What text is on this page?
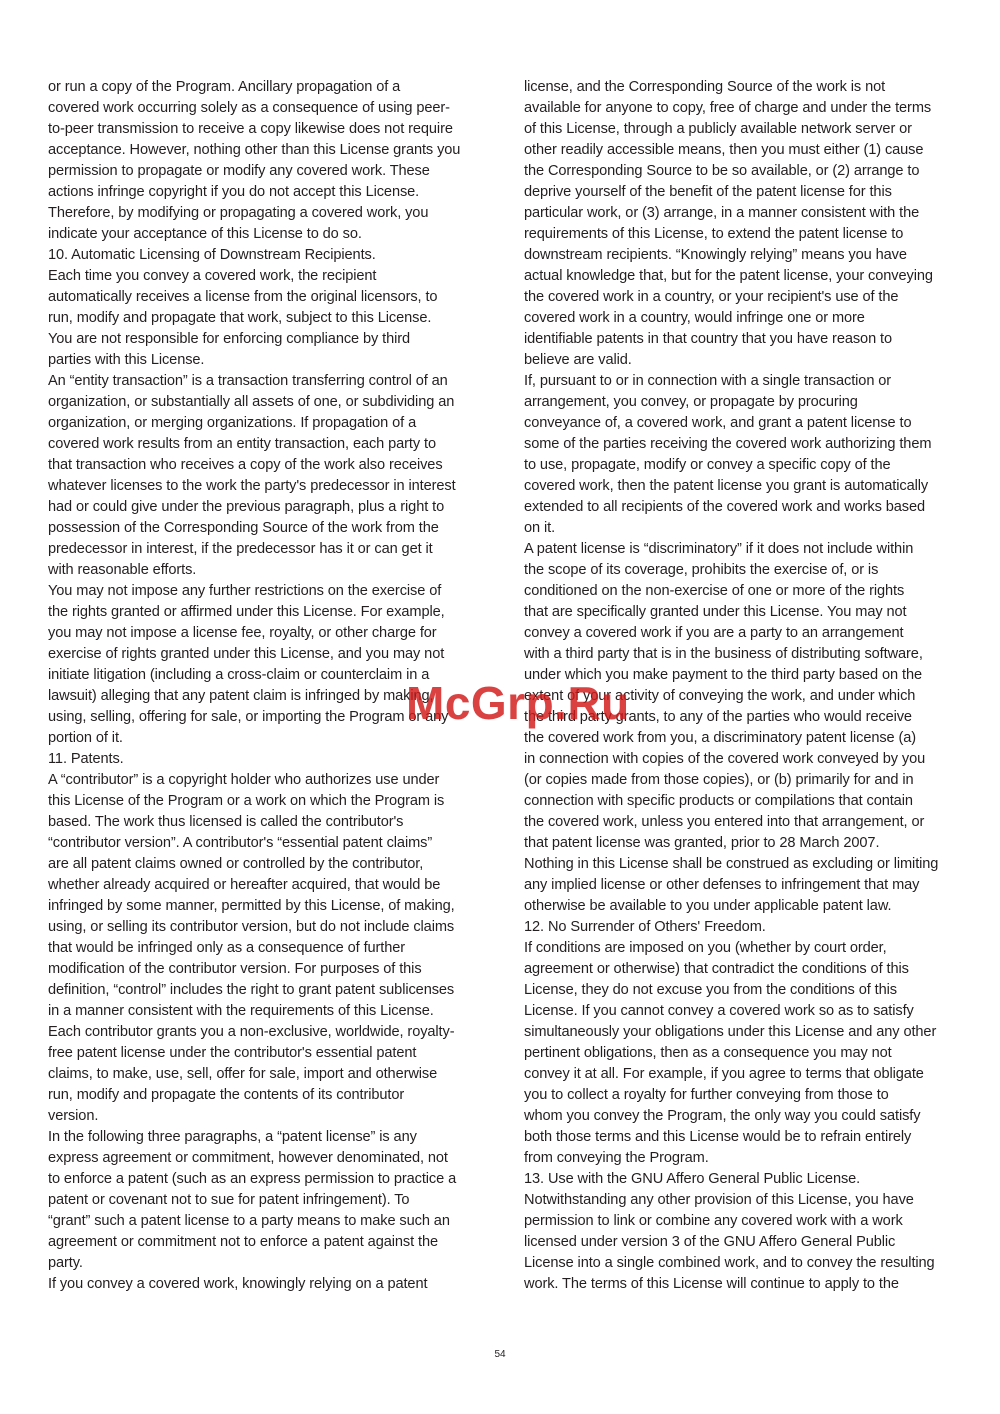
or run a copy of the Program. Ancillary propagation of a
covered work occurring solely as a consequence of using peer-
to-peer transmission to receive a copy likewise does not require
acceptance. However, nothing other than this License grants you
permission to propagate or modify any covered work. These
actions infringe copyright if you do not accept this License.
Therefore, by modifying or propagating a covered work, you
indicate your acceptance of this License to do so.
10. Automatic Licensing of Downstream Recipients.
Each time you convey a covered work, the recipient
automatically receives a license from the original licensors, to
run, modify and propagate that work, subject to this License.
You are not responsible for enforcing compliance by third
parties with this License.
An “entity transaction” is a transaction transferring control of an
organization, or substantially all assets of one, or subdividing an
organization, or merging organizations. If propagation of a
covered work results from an entity transaction, each party to
that transaction who receives a copy of the work also receives
whatever licenses to the work the party's predecessor in interest
had or could give under the previous paragraph, plus a right to
possession of the Corresponding Source of the work from the
predecessor in interest, if the predecessor has it or can get it
with reasonable efforts.
You may not impose any further restrictions on the exercise of
the rights granted or affirmed under this License. For example,
you may not impose a license fee, royalty, or other charge for
exercise of rights granted under this License, and you may not
initiate litigation (including a cross-claim or counterclaim in a
lawsuit) alleging that any patent claim is infringed by making,
using, selling, offering for sale, or importing the Program or any
portion of it.
11. Patents.
A “contributor” is a copyright holder who authorizes use under
this License of the Program or a work on which the Program is
based. The work thus licensed is called the contributor's
“contributor version”. A contributor's “essential patent claims”
are all patent claims owned or controlled by the contributor,
whether already acquired or hereafter acquired, that would be
infringed by some manner, permitted by this License, of making,
using, or selling its contributor version, but do not include claims
that would be infringed only as a consequence of further
modification of the contributor version. For purposes of this
definition, “control” includes the right to grant patent sublicenses
in a manner consistent with the requirements of this License.
Each contributor grants you a non-exclusive, worldwide, royalty-
free patent license under the contributor's essential patent
claims, to make, use, sell, offer for sale, import and otherwise
run, modify and propagate the contents of its contributor
version.
In the following three paragraphs, a “patent license” is any
express agreement or commitment, however denominated, not
to enforce a patent (such as an express permission to practice a
patent or covenant not to sue for patent infringement). To
“grant” such a patent license to a party means to make such an
agreement or commitment not to enforce a patent against the
party.
If you convey a covered work, knowingly relying on a patent
license, and the Corresponding Source of the work is not
available for anyone to copy, free of charge and under the terms
of this License, through a publicly available network server or
other readily accessible means, then you must either (1) cause
the Corresponding Source to be so available, or (2) arrange to
deprive yourself of the benefit of the patent license for this
particular work, or (3) arrange, in a manner consistent with the
requirements of this License, to extend the patent license to
downstream recipients. “Knowingly relying” means you have
actual knowledge that, but for the patent license, your conveying
the covered work in a country, or your recipient's use of the
covered work in a country, would infringe one or more
identifiable patents in that country that you have reason to
believe are valid.
If, pursuant to or in connection with a single transaction or
arrangement, you convey, or propagate by procuring
conveyance of, a covered work, and grant a patent license to
some of the parties receiving the covered work authorizing them
to use, propagate, modify or convey a specific copy of the
covered work, then the patent license you grant is automatically
extended to all recipients of the covered work and works based
on it.
A patent license is “discriminatory” if it does not include within
the scope of its coverage, prohibits the exercise of, or is
conditioned on the non-exercise of one or more of the rights
that are specifically granted under this License. You may not
convey a covered work if you are a party to an arrangement
with a third party that is in the business of distributing software,
under which you make payment to the third party based on the
extent of your activity of conveying the work, and under which
the third party grants, to any of the parties who would receive
the covered work from you, a discriminatory patent license (a)
in connection with copies of the covered work conveyed by you
(or copies made from those copies), or (b) primarily for and in
connection with specific products or compilations that contain
the covered work, unless you entered into that arrangement, or
that patent license was granted, prior to 28 March 2007.
Nothing in this License shall be construed as excluding or limiting
any implied license or other defenses to infringement that may
otherwise be available to you under applicable patent law.
12. No Surrender of Others' Freedom.
If conditions are imposed on you (whether by court order,
agreement or otherwise) that contradict the conditions of this
License, they do not excuse you from the conditions of this
License. If you cannot convey a covered work so as to satisfy
simultaneously your obligations under this License and any other
pertinent obligations, then as a consequence you may not
convey it at all. For example, if you agree to terms that obligate
you to collect a royalty for further conveying from those to
whom you convey the Program, the only way you could satisfy
both those terms and this License would be to refrain entirely
from conveying the Program.
13. Use with the GNU Affero General Public License.
Notwithstanding any other provision of this License, you have
permission to link or combine any covered work with a work
licensed under version 3 of the GNU Affero General Public
License into a single combined work, and to convey the resulting
work. The terms of this License will continue to apply to the
McGrp.Ru
54
